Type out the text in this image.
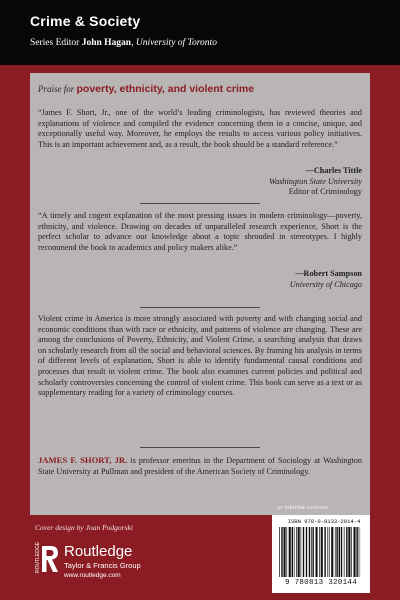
Crime & Society
Series Editor John Hagan, University of Toronto
Praise for poverty, ethnicity, and violent crime
“James F. Short, Jr., one of the world’s leading criminologists, has reviewed theories and explanations of violence and compiled the evidence concerning them in a concise, unique, and exceptionally useful way. Moreover, he employs the results to access various policy initiatives. This is an important achievement and, as a result, the book should be a standard reference.”
—Charles Tittle
Washington State University
Editor of Criminology
“A timely and cogent explanation of the most pressing issues in modern criminology—poverty, ethnicity, and violence. Drawing on decades of unparalleled research experience, Short is the perfect scholar to advance our knowledge about a topic shrouded in stereotypes. I highly recommend the book to academics and policy makers alike.”
—Robert Sampson
University of Chicago
Violent crime in America is more strongly associated with poverty and with changing social and economic conditions than with race or ethnicity, and patterns of violence are changing. These are among the conclusions of Poverty, Ethnicity, and Violent Crime, a searching analysis that draws on scholarly research from all the social and behavioral sciences. By framing his analysis in terms of different levels of explanation, Short is able to identify fundamental causal conditions and processes that result in violent crime. The book also examines current policies and political and scholarly controversies concerning the control of violent crime. This book can serve as a text or as supplementary reading for a variety of criminology courses.
JAMES F. SHORT, JR. is professor emeritus in the Department of Sociology at Washington State University at Pullman and president of the American Society of Criminology.
Cover design by Joan Podgorski
an informa business
ROUTLEDGE Routledge
Taylor & Francis Group
www.routledge.com
ISBN 978-0-8133-2014-4
9 780813 320144
